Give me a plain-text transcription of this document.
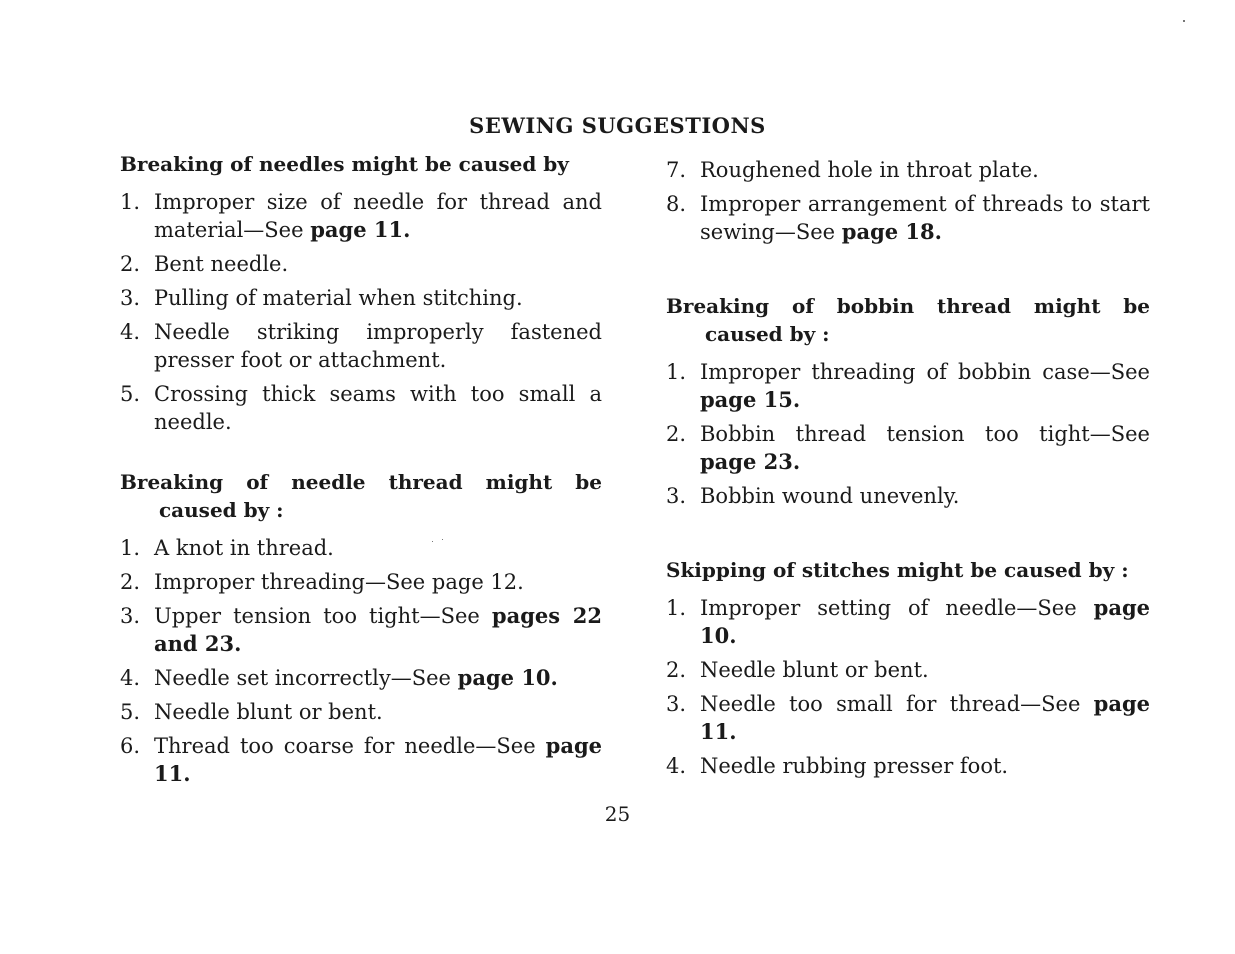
SEWING SUGGESTIONS
Breaking of needles might be caused by
1. Improper size of needle for thread and material—See page 11.
2. Bent needle.
3. Pulling of material when stitching.
4. Needle striking improperly fastened presser foot or attachment.
5. Crossing thick seams with too small a needle.
Breaking of needle thread might be caused by :
1. A knot in thread.
2. Improper threading—See page 12.
3. Upper tension too tight—See pages 22 and 23.
4. Needle set incorrectly—See page 10.
5. Needle blunt or bent.
6. Thread too coarse for needle—See page 11.
7. Roughened hole in throat plate.
8. Improper arrangement of threads to start sewing—See page 18.
Breaking of bobbin thread might be caused by :
1. Improper threading of bobbin case—See page 15.
2. Bobbin thread tension too tight—See page 23.
3. Bobbin wound unevenly.
Skipping of stitches might be caused by :
1. Improper setting of needle—See page 10.
2. Needle blunt or bent.
3. Needle too small for thread—See page 11.
4. Needle rubbing presser foot.
25
